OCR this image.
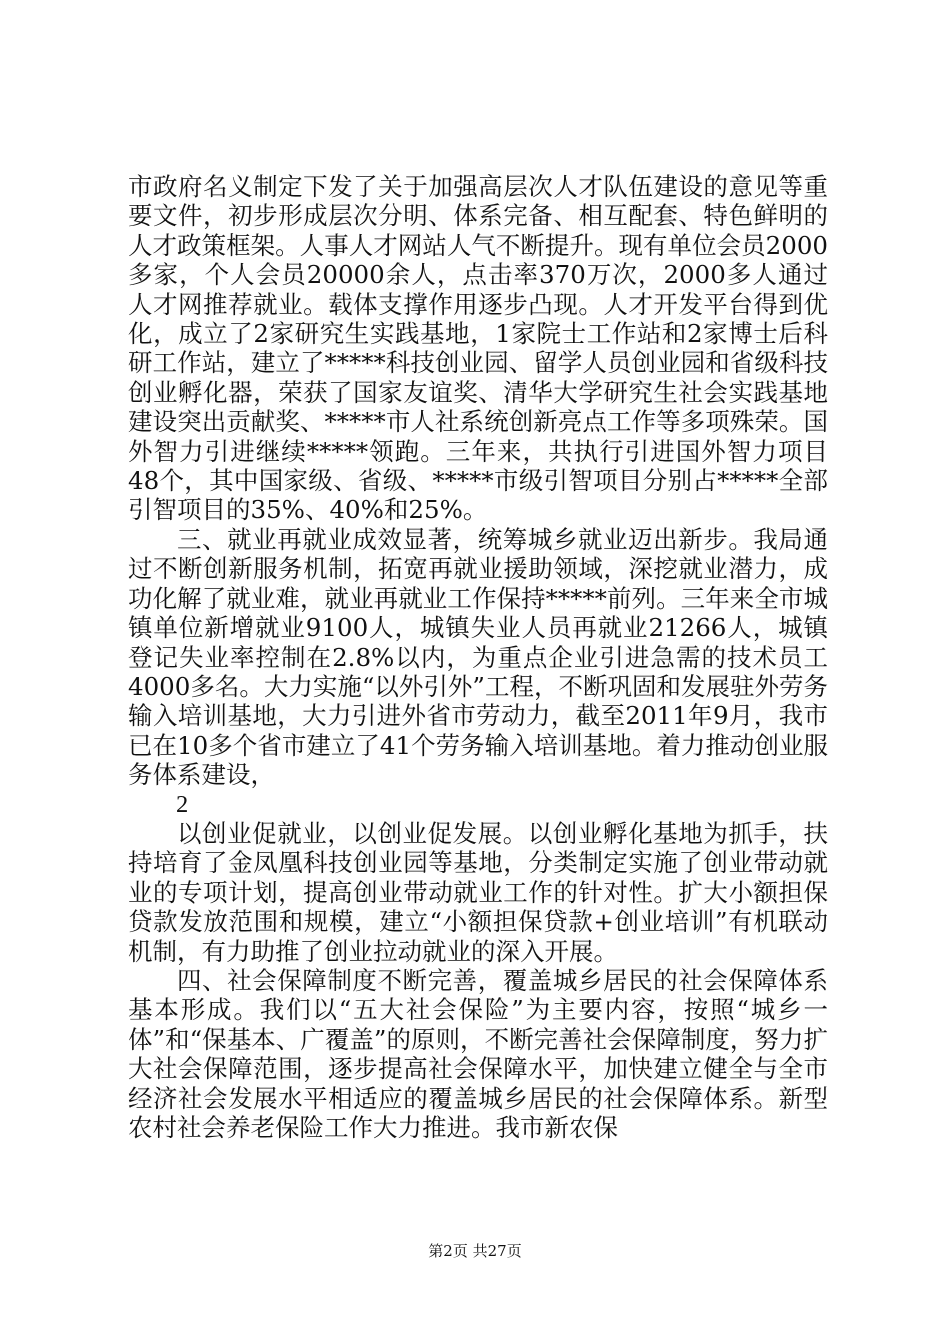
市政府名义制定下发了关于加强高层次人才队伍建设的意见等重要文件，初步形成层次分明、体系完备、相互配套、特色鲜明的人才政策框架。人事人才网站人气不断提升。现有单位会员2000多家，个人会员20000余人，点击率370万次，2000多人通过人才网推荐就业。载体支撑作用逐步凸现。人才开发平台得到优化，成立了2家研究生实践基地，1家院士工作站和2家博士后科研工作站，建立了*****科技创业园、留学人员创业园和省级科技创业孵化器，荣获了国家友谊奖、清华大学研究生社会实践基地建设突出贡献奖、*****市人社系统创新亮点工作等多项殊荣。国外智力引进继续*****领跑。三年来，共执行引进国外智力项目48个，其中国家级、省级、*****市级引智项目分别占*****全部引智项目的35%、40%和25%。

三、就业再就业成效显著，统筹城乡就业迈出新步。我局通过不断创新服务机制，拓宽再就业援助领域，深挖就业潜力，成功化解了就业难，就业再就业工作保持*****前列。三年来全市城镇单位新增就业9100人，城镇失业人员再就业21266人，城镇登记失业率控制在2.8%以内，为重点企业引进急需的技术员工4000多名。大力实施“以外引外”工程，不断巩固和发展驻外劳务输入培训基地，大力引进外省市劳动力，截至2011年9月，我市已在10多个省市建立了41个劳务输入培训基地。着力推动创业服务体系建设，

2

以创业促就业，以创业促发展。以创业孵化基地为抓手，扶持培育了金凤凰科技创业园等基地，分类制定实施了创业带动就业的专项计划，提高创业带动就业工作的针对性。扩大小额担保贷款发放范围和规模，建立“小额担保贷款+创业培训”有机联动机制，有力助推了创业拉动就业的深入开展。

四、社会保障制度不断完善，覆盖城乡居民的社会保障体系基本形成。我们以“五大社会保险”为主要内容，按照“城乡一体”和“保基本、广覆盖”的原则，不断完善社会保障制度，努力扩大社会保障范围，逐步提高社会保障水平，加快建立健全与全市经济社会发展水平相适应的覆盖城乡居民的社会保障体系。新型农村社会养老保险工作大力推进。我市新农保

第2页 共27页
